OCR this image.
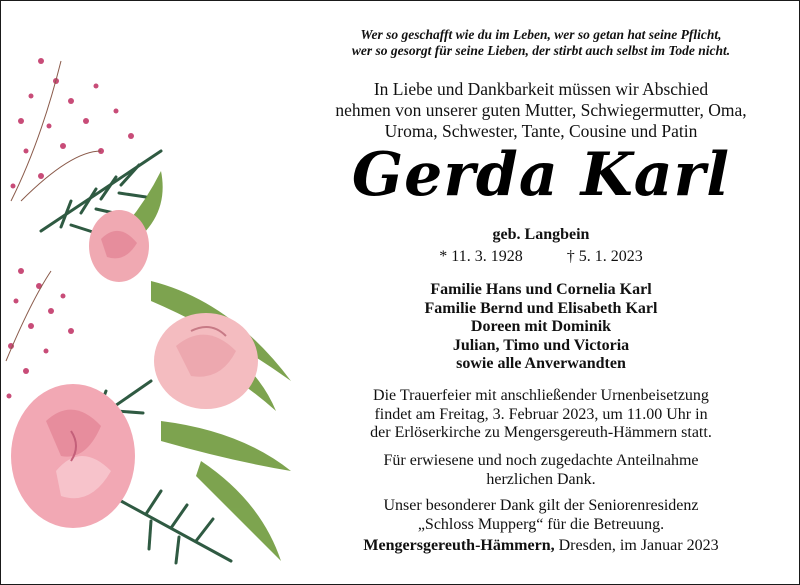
Wer so geschafft wie du im Leben, wer so getan hat seine Pflicht,
wer so gesorgt für seine Lieben, der stirbt auch selbst im Tode nicht.
In Liebe und Dankbarkeit müssen wir Abschied
nehmen von unserer guten Mutter, Schwiegermutter, Oma,
Uroma, Schwester, Tante, Cousine und Patin
Gerda Karl
geb. Langbein
* 11. 3. 1928	† 5. 1. 2023
Familie Hans und Cornelia Karl
Familie Bernd und Elisabeth Karl
Doreen mit Dominik
Julian, Timo und Victoria
sowie alle Anverwandten
Die Trauerfeier mit anschließender Urnenbeisetzung
findet am Freitag, 3. Februar 2023, um 11.00 Uhr in
der Erlöserkirche zu Mengersgereuth-Hämmern statt.
Für erwiesene und noch zugedachte Anteilnahme
herzlichen Dank.
Unser besonderer Dank gilt der Seniorenresidenz
„Schloss Mupperg“ für die Betreuung.
Mengersgereuth-Hämmern, Dresden, im Januar 2023
